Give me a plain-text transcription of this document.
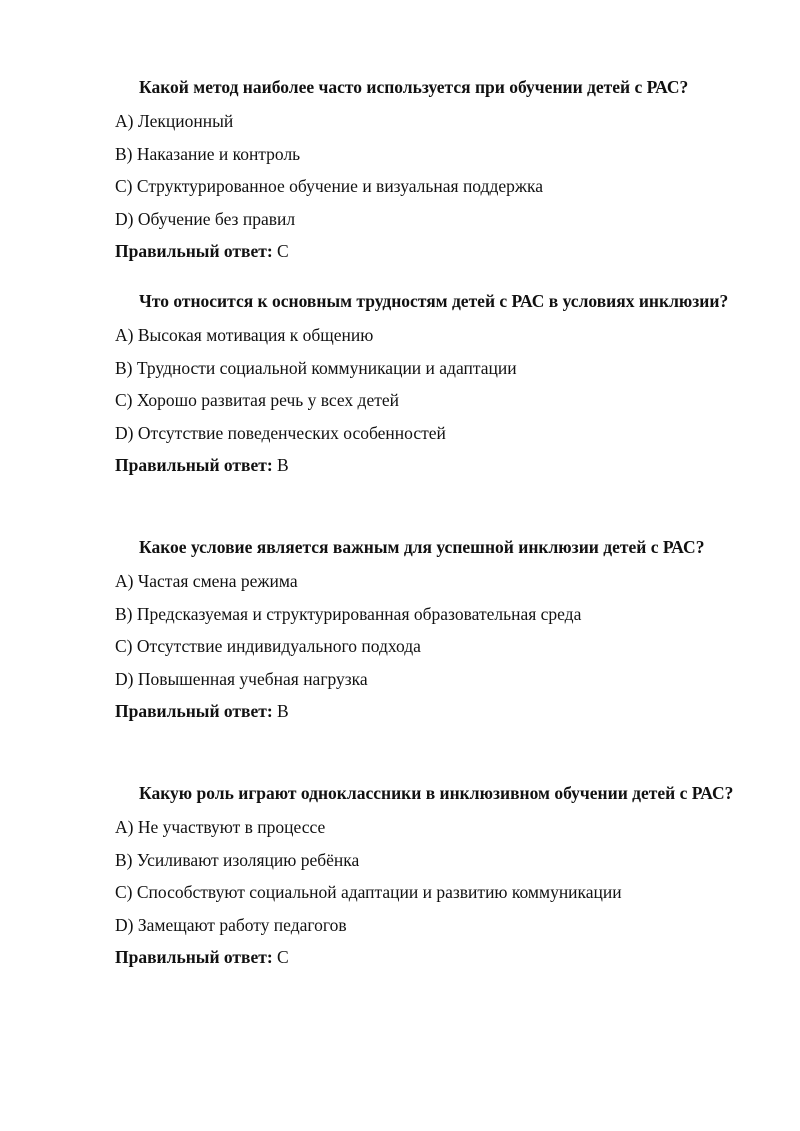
Какой метод наиболее часто используется при обучении детей с РАС?

A) Лекционный

B) Наказание и контроль

C) Структурированное обучение и визуальная поддержка

D) Обучение без правил

Правильный ответ: C

Что относится к основным трудностям детей с РАС в условиях инклюзии?

A) Высокая мотивация к общению

B) Трудности социальной коммуникации и адаптации

C) Хорошо развитая речь у всех детей

D) Отсутствие поведенческих особенностей

Правильный ответ: B

Какое условие является важным для успешной инклюзии детей с РАС?

A) Частая смена режима

B) Предсказуемая и структурированная образовательная среда

C) Отсутствие индивидуального подхода

D) Повышенная учебная нагрузка

Правильный ответ: B

Какую роль играют одноклассники в инклюзивном обучении детей с РАС?

A) Не участвуют в процессе

B) Усиливают изоляцию ребёнка

C) Способствуют социальной адаптации и развитию коммуникации

D) Замещают работу педагогов

Правильный ответ: C
